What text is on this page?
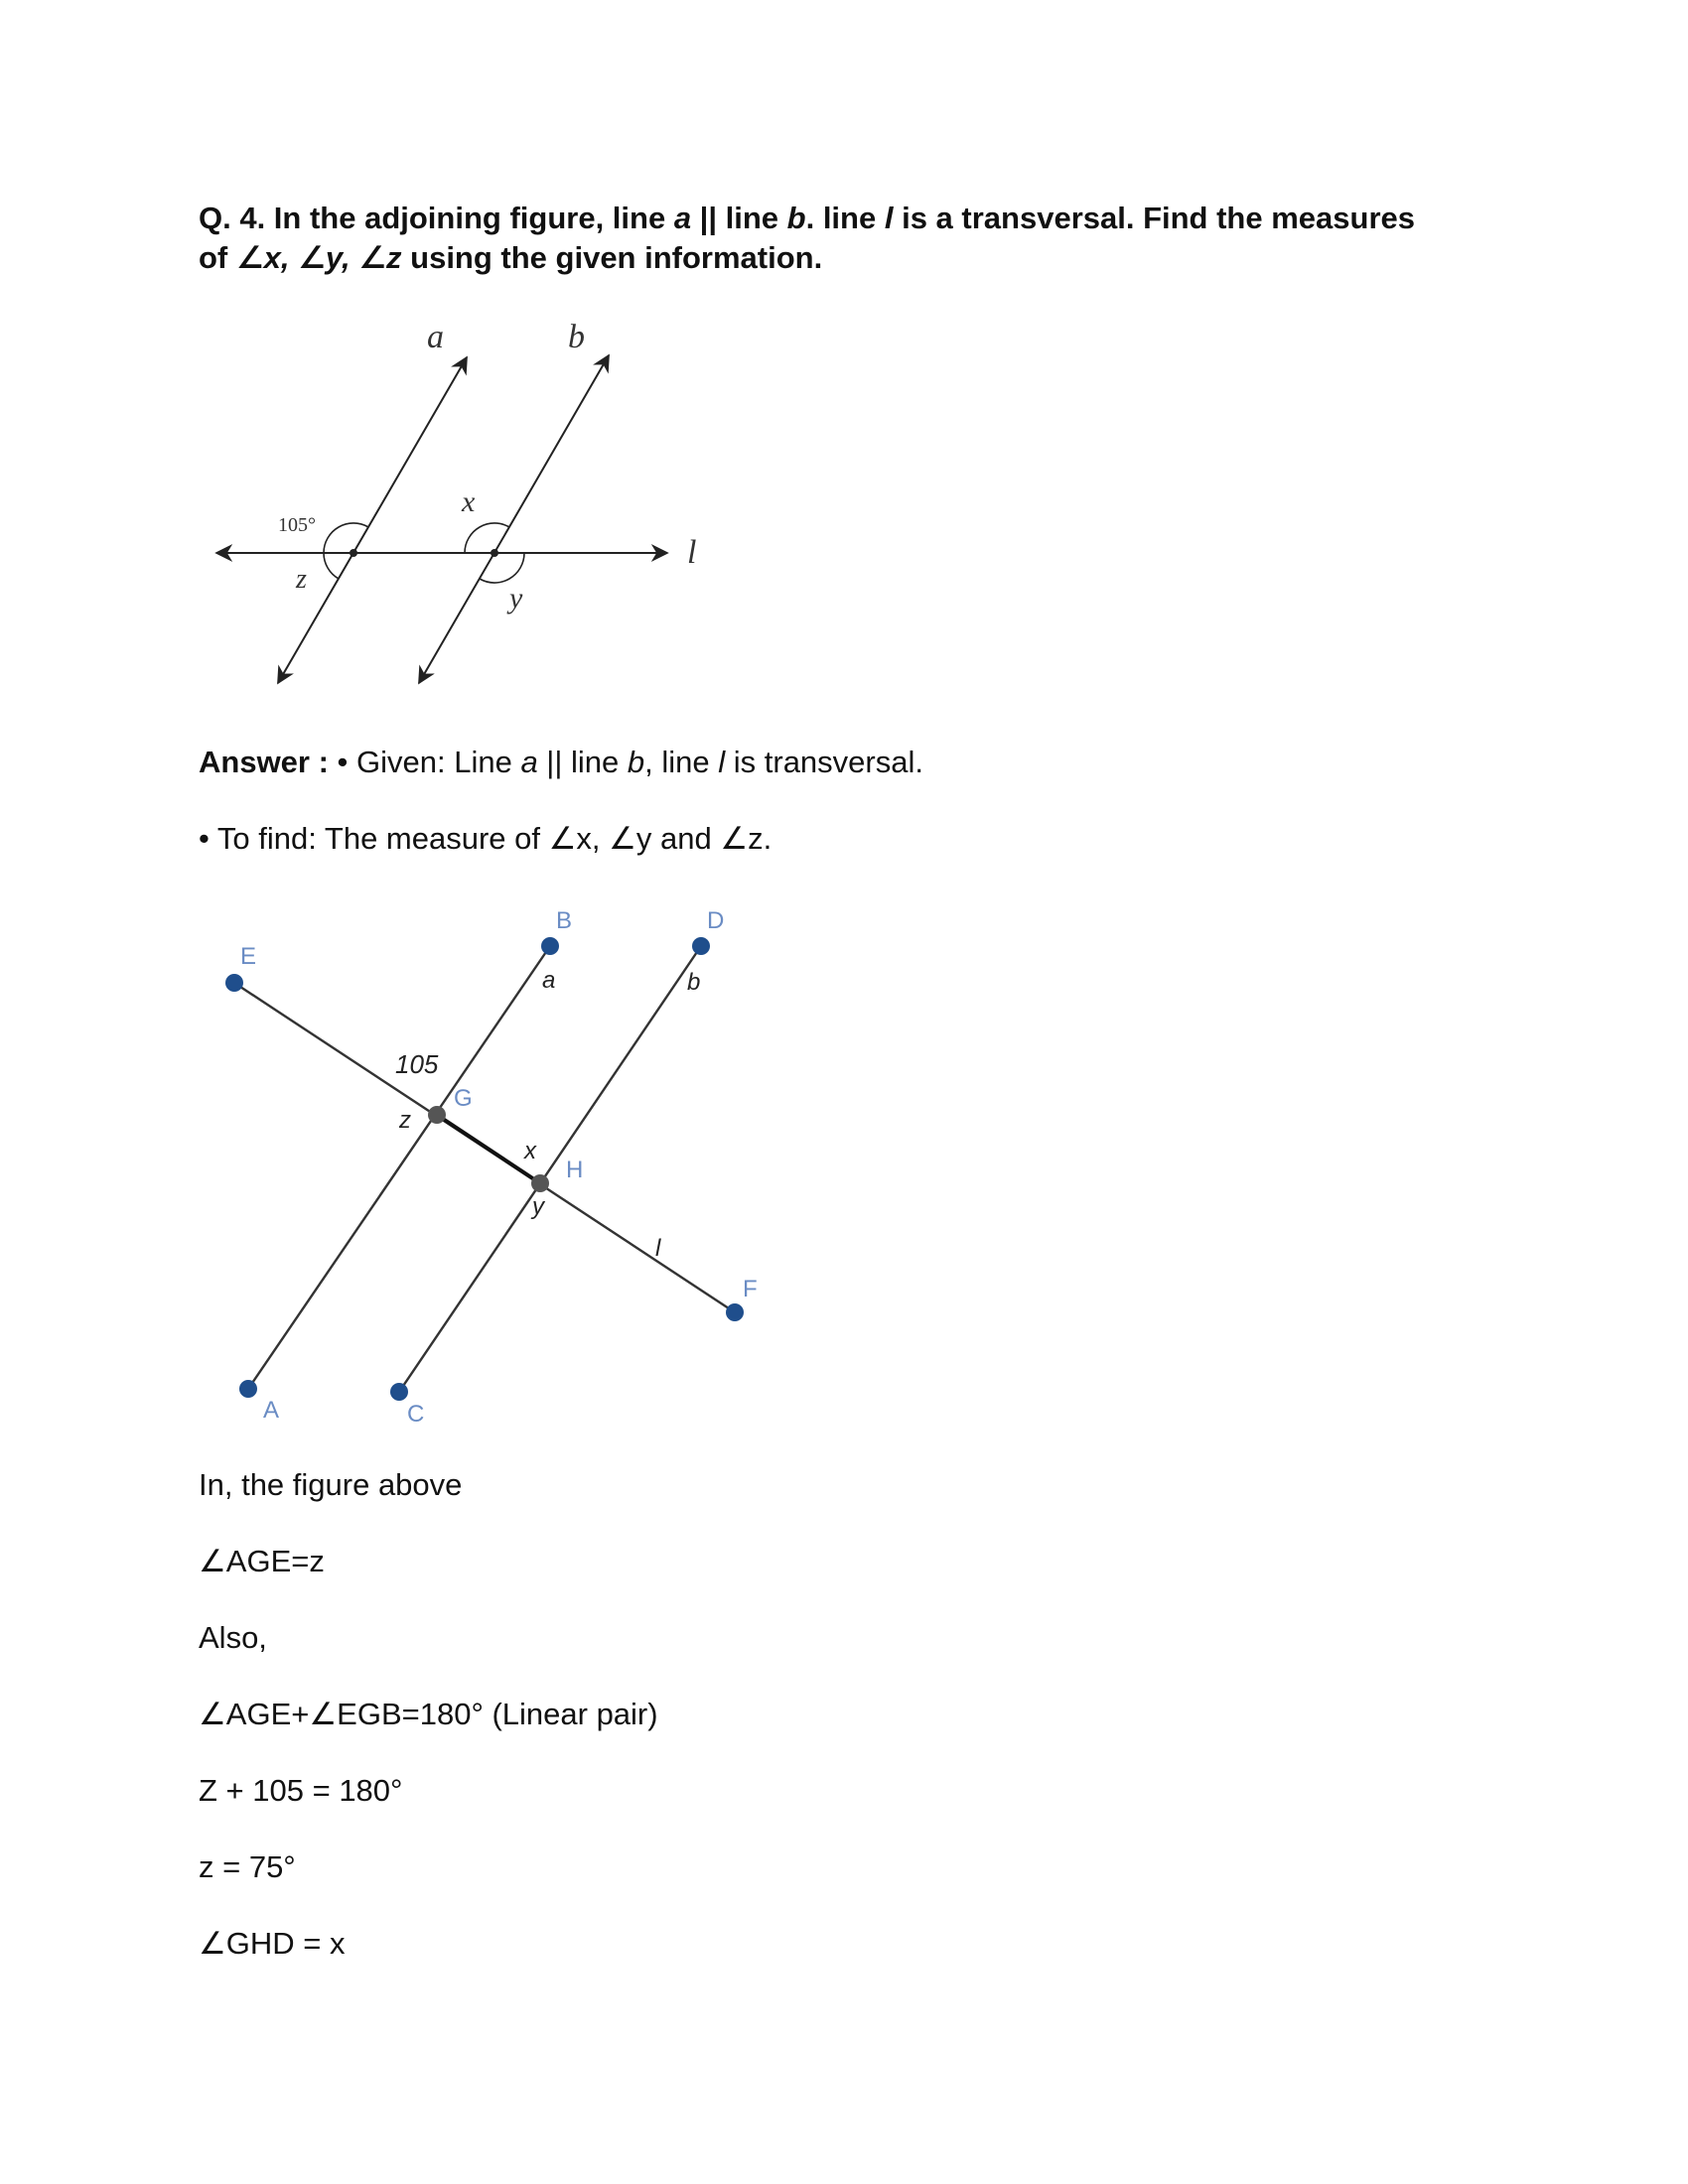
Q. 4. In the adjoining figure, line a || line b. line l is a transversal. Find the measures of ∠x, ∠y, ∠z using the given information.

a	b
l
105°
x
y
z

Answer : • Given: Line a || line b, line l is transversal.

• To find: The measure of ∠x, ∠y and ∠z.

E
B	D
F
A	C
G
H
a	b
l
105
z
x
y

In, the figure above

∠AGE=z

Also,

∠AGE+∠EGB=180° (Linear pair)

Z + 105 = 180°

z = 75°

∠GHD = x
